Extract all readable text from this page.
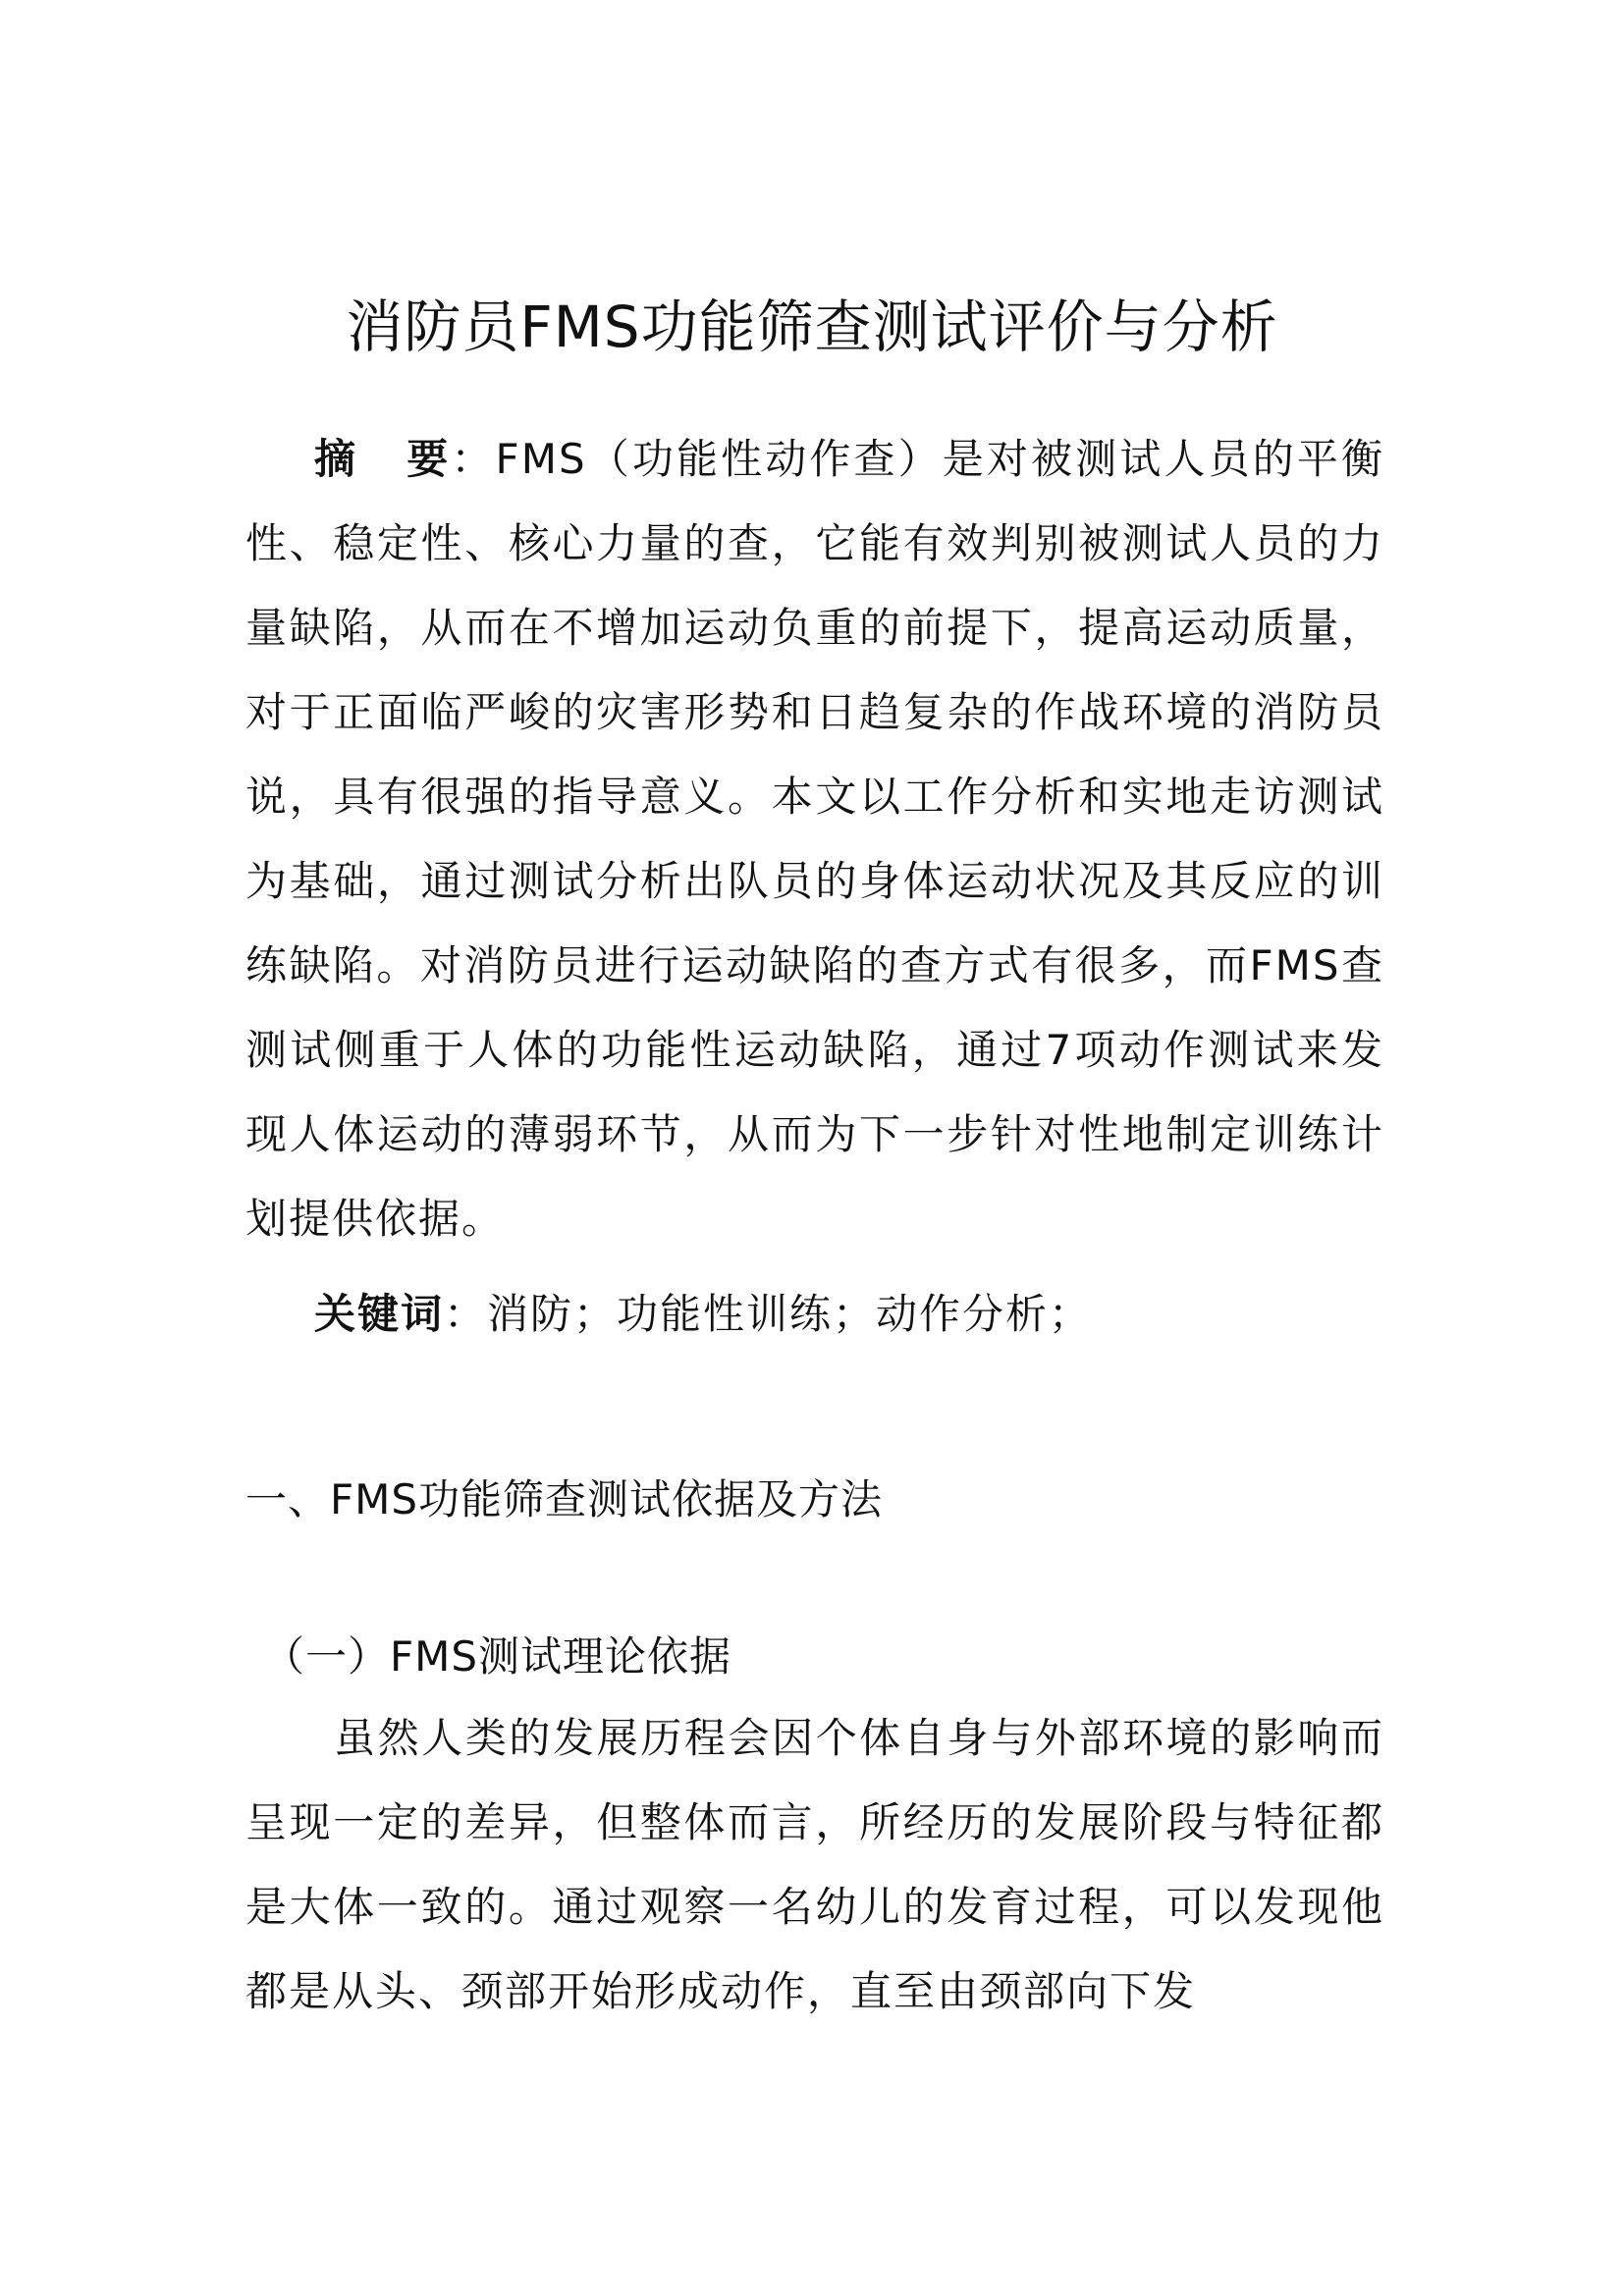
消防员FMS功能筛查测试评价与分析

摘 要：FMS（功能性动作查）是对被测试人员的平衡性、稳定性、核心力量的查，它能有效判别被测试人员的力量缺陷，从而在不增加运动负重的前提下，提高运动质量，对于正面临严峻的灾害形势和日趋复杂的作战环境的消防员说，具有很强的指导意义。本文以工作分析和实地走访测试为基础，通过测试分析出队员的身体运动状况及其反应的训练缺陷。对消防员进行运动缺陷的查方式有很多，而FMS查测试侧重于人体的功能性运动缺陷，通过7项动作测试来发现人体运动的薄弱环节，从而为下一步针对性地制定训练计划提供依据。

关键词：消防；功能性训练；动作分析；

一、FMS功能筛查测试依据及方法
（一）FMS测试理论依据

虽然人类的发展历程会因个体自身与外部环境的影响而呈现一定的差异，但整体而言，所经历的发展阶段与特征都是大体一致的。通过观察一名幼儿的发育过程，可以发现他都是从头、颈部开始形成动作，直至由颈部向下发
